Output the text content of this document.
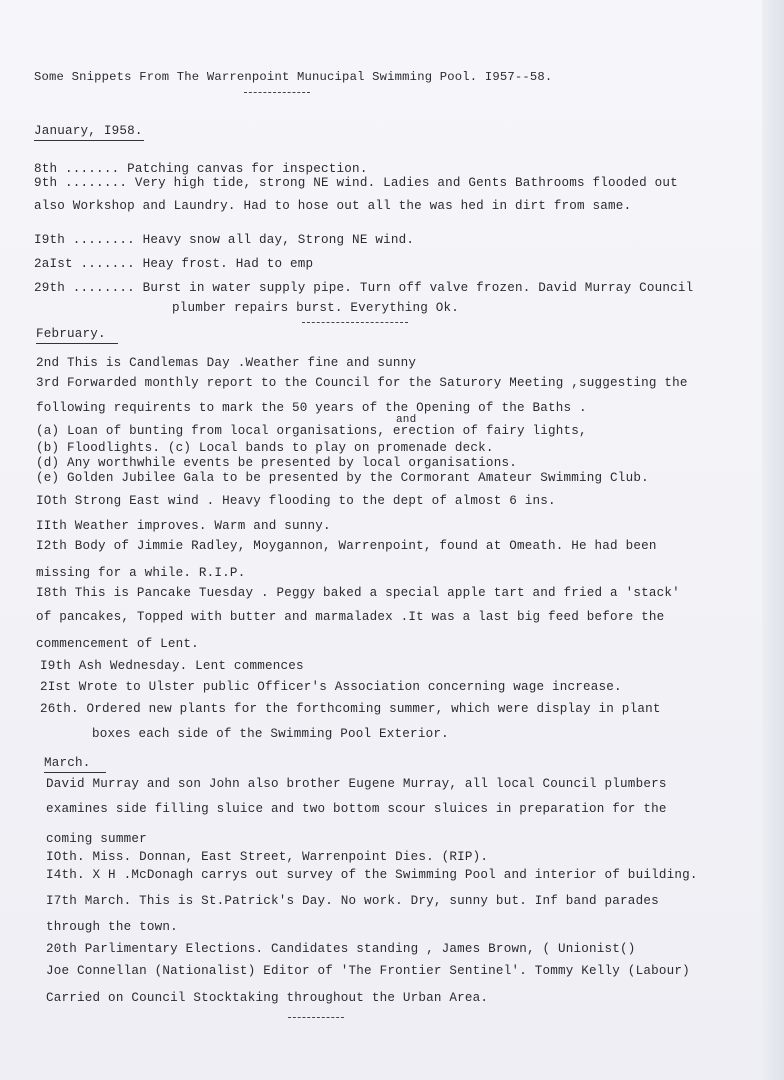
Some Snippets From The Warrenpoint Munucipal Swimming Pool. I957--58.
January, I958.
8th ....... Patching canvas for inspection.
9th ........ Very high tide, strong NE wind. Ladies and Gents Bathrooms flooded out
also Workshop and Laundry. Had to hose out all the was hed in dirt from same.
I9th ........ Heavy snow all day, Strong NE wind.
2aIst ....... Heay frost. Had to emp
29th ........ Burst in water supply pipe. Turn off valve frozen. David Murray Council
plumber repairs burst. Everything Ok.
February.
2nd This is Candlemas Day .Weather fine and sunny
3rd Forwarded monthly report to the Council for the Saturory Meeting ,suggesting the
following requirents to mark the 50 years of the Opening of the Baths .
and
(a) Loan of bunting from local organisations, erection of fairy lights,
(b) Floodlights. (c) Local bands to play on promenade deck.
(d) Any worthwhile events be presented by local organisations.
(e) Golden Jubilee Gala to be presented by the Cormorant Amateur Swimming Club.
IOth Strong East wind . Heavy flooding to the dept of almost 6 ins.
IIth Weather improves. Warm and sunny.
I2th Body of Jimmie Radley, Moygannon, Warrenpoint, found at Omeath. He had been
missing for a while. R.I.P.
I8th This is Pancake Tuesday . Peggy baked a special apple tart and fried a 'stack'
of pancakes, Topped with butter and marmaladex .It was a last big feed before the
commencement of Lent.
I9th Ash Wednesday. Lent commences
2Ist Wrote to Ulster public Officer's Association concerning wage increase.
26th. Ordered new plants for the forthcoming summer, which were display in plant
boxes each side of the Swimming Pool Exterior.
March.
David Murray and son John also brother Eugene Murray, all local Council plumbers
examines side filling sluice and two bottom scour sluices in preparation for the
coming summer
IOth. Miss. Donnan, East Street, Warrenpoint Dies. (RIP).
I4th. X H .McDonagh carrys out survey of the Swimming Pool and interior of building.
I7th March. This is St.Patrick's Day. No work. Dry, sunny but. Inf band parades
through the town.
20th Parlimentary Elections. Candidates standing , James Brown, ( Unionist()
Joe Connellan (Nationalist) Editor of 'The Frontier Sentinel'. Tommy Kelly (Labour)
Carried on Council Stocktaking throughout the Urban Area.
